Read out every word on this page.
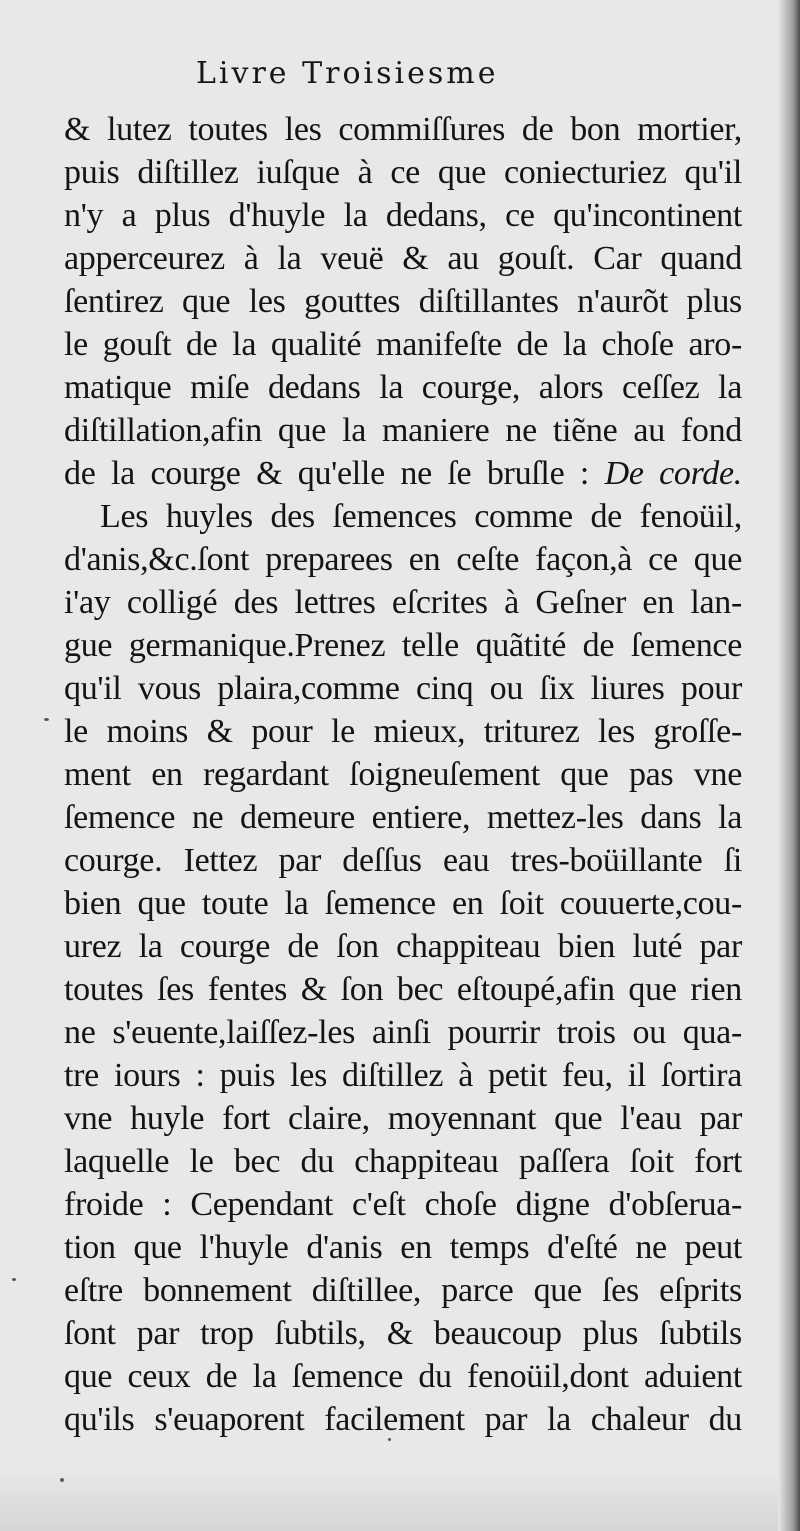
Livre Troisiesme
& lutez toutes les commiſſures de bon mortier,
puis diſtillez iuſque à ce que coniecturiez qu'il
n'y a plus d'huyle la dedans, ce qu'incontinent
apperceurez à la veuë & au gouſt. Car quand
ſentirez que les gouttes diſtillantes n'aurõt plus
le gouſt de la qualité manifeſte de la choſe aro-
matique miſe dedans la courge, alors ceſſez la
diſtillation,afin que la maniere ne tiẽne au fond
de la courge & qu'elle ne ſe bruſle : De corde.
Les huyles des ſemences comme de fenoüil,
d'anis,&c.ſont preparees en ceſte façon,à ce que
i'ay colligé des lettres eſcrites à Geſner en lan-
gue germanique.Prenez telle quãtité de ſemence
qu'il vous plaira,comme cinq ou ſix liures pour
le moins & pour le mieux, triturez les groſſe-
ment en regardant ſoigneuſement que pas vne
ſemence ne demeure entiere, mettez-les dans la
courge. Iettez par deſſus eau tres-boüillante ſi
bien que toute la ſemence en ſoit couuerte,cou-
urez la courge de ſon chappiteau bien luté par
toutes ſes fentes & ſon bec eſtoupé,afin que rien
ne s'euente,laiſſez-les ainſi pourrir trois ou qua-
tre iours : puis les diſtillez à petit feu, il ſortira
vne huyle fort claire, moyennant que l'eau par
laquelle le bec du chappiteau paſſera ſoit fort
froide : Cependant c'eſt choſe digne d'obſerua-
tion que l'huyle d'anis en temps d'eſté ne peut
eſtre bonnement diſtillee, parce que ſes eſprits
ſont par trop ſubtils, & beaucoup plus ſubtils
que ceux de la ſemence du fenoüil,dont aduient
qu'ils s'euaporent facilement par la chaleur du
